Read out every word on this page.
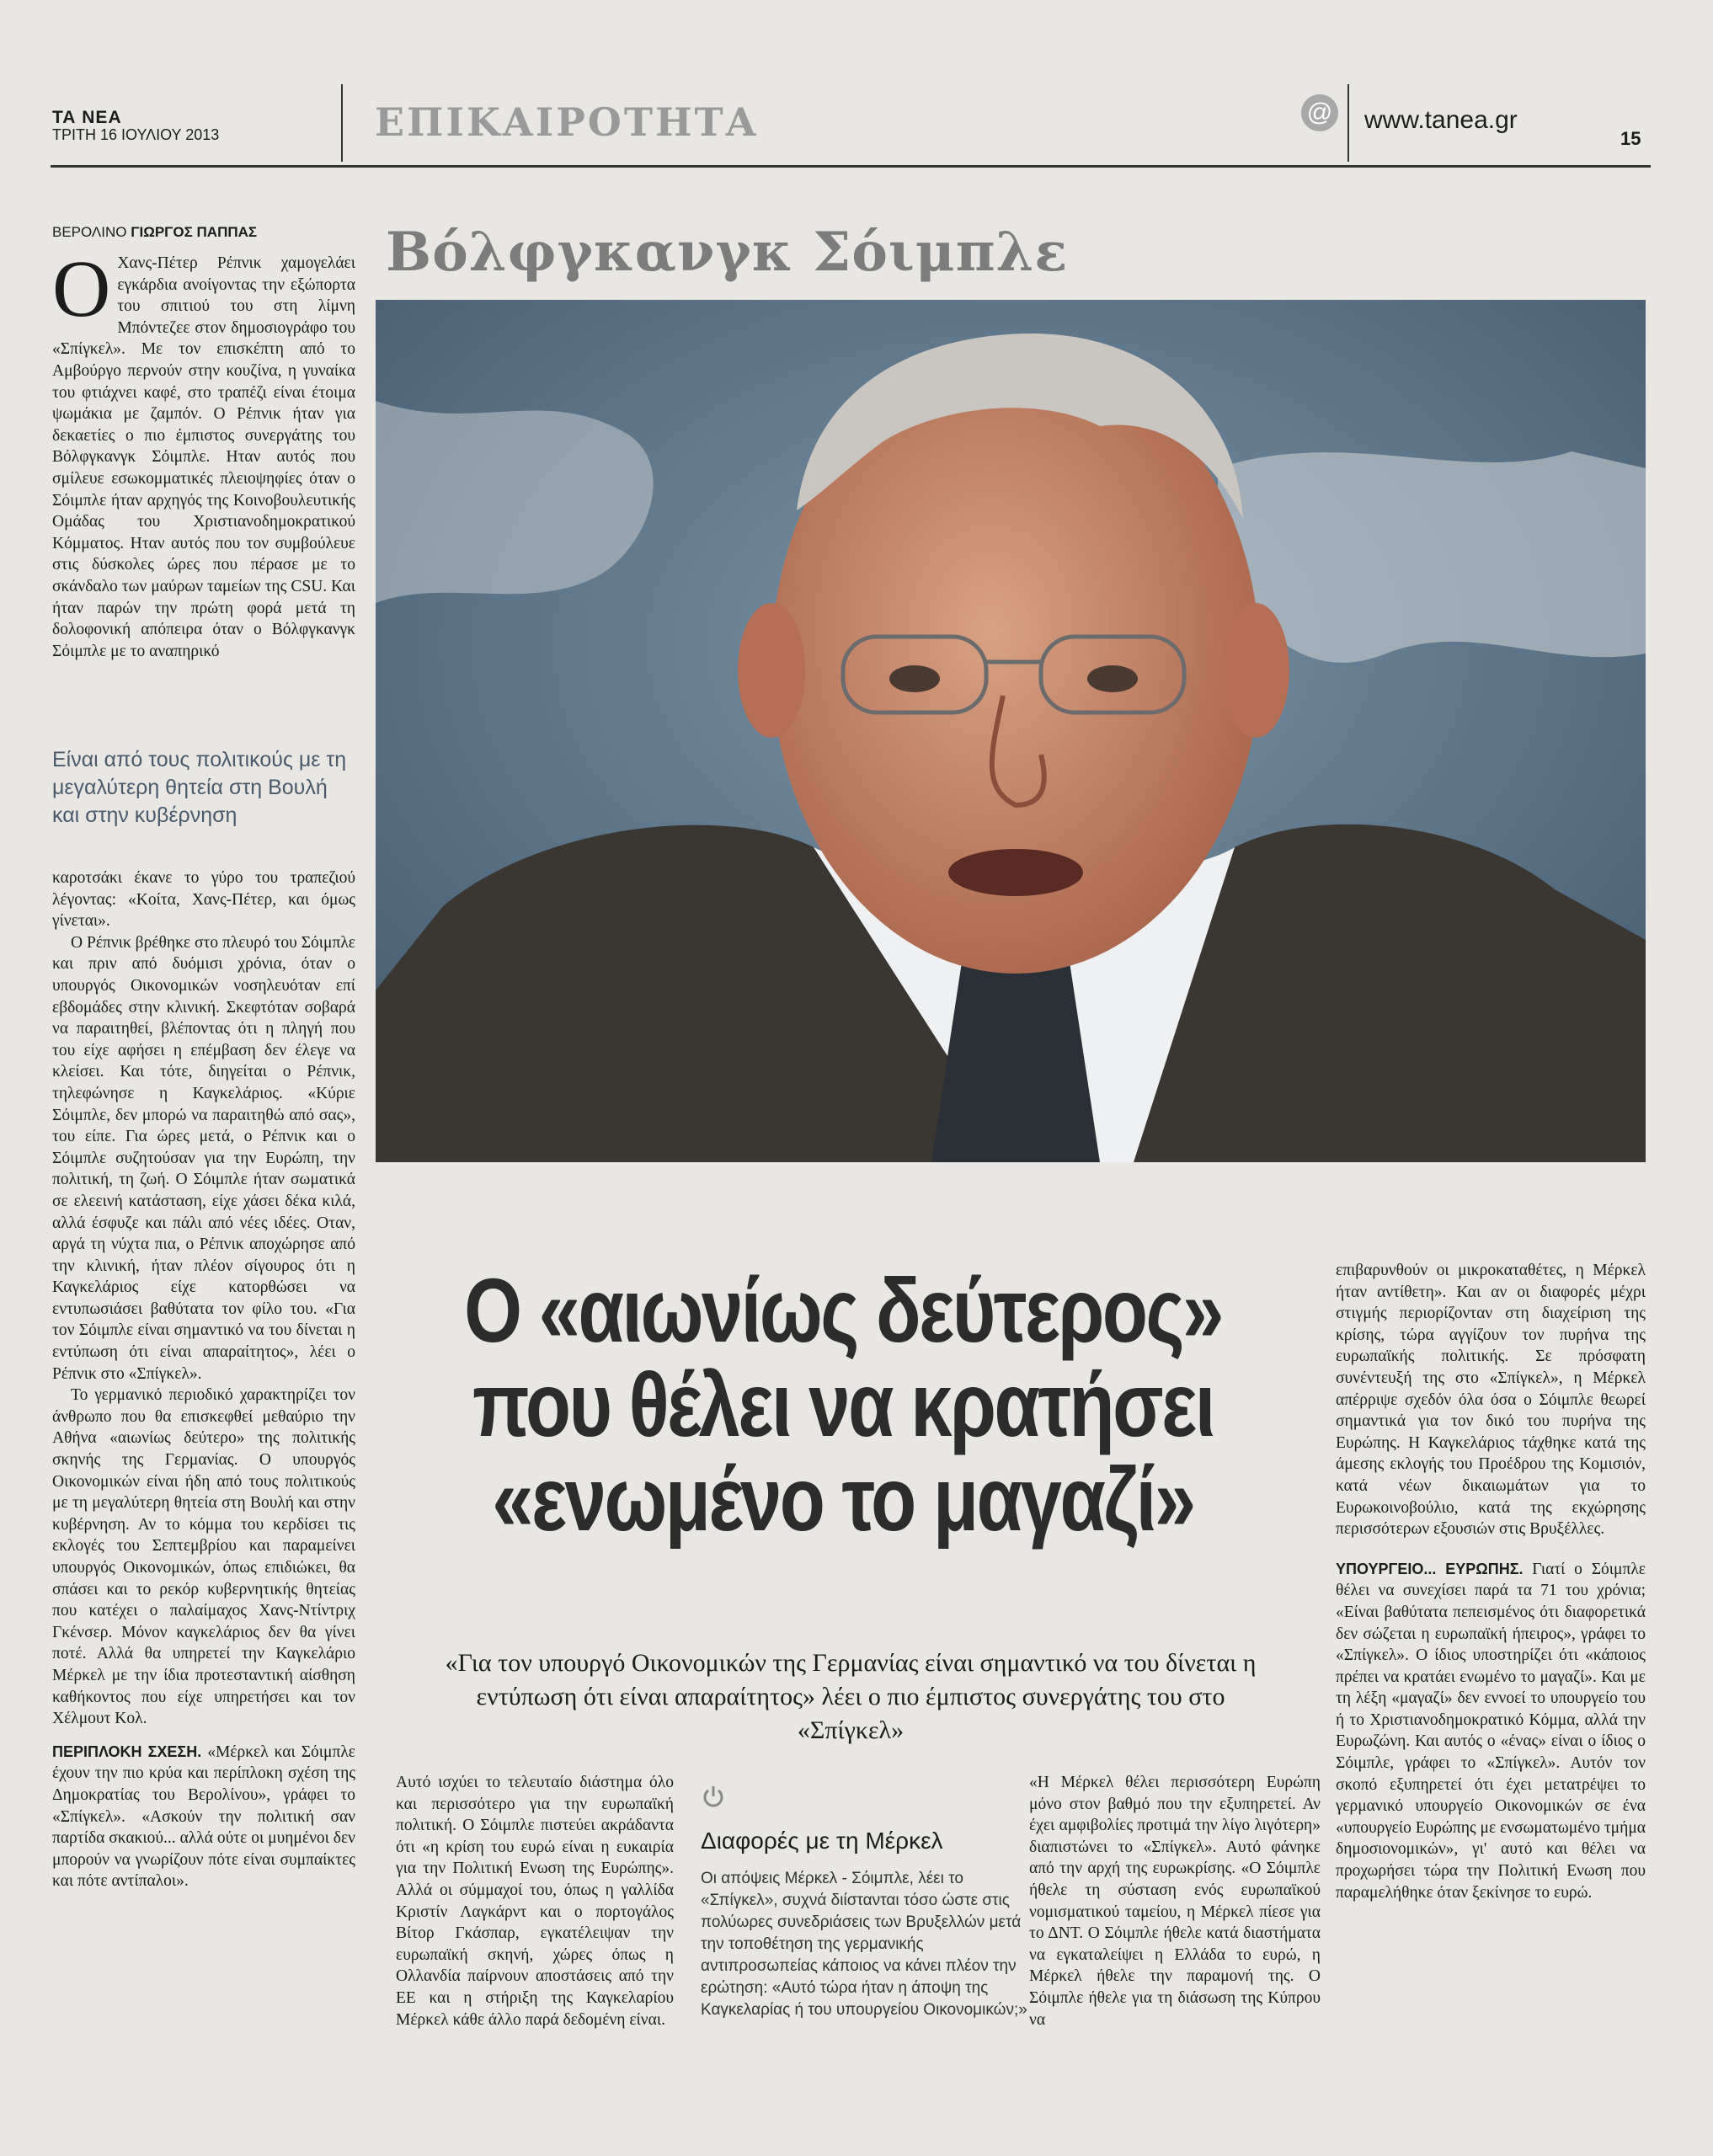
ΤΑ ΝΕΑ
ΤΡΙΤΗ 16 ΙΟΥΛΙΟΥ 2013	ΕΠΙΚΑΙΡΟΤΗΤΑ	@ www.tanea.gr
15
ΒΕΡΟΛΙΝΟ ΓΙΩΡΓΟΣ ΠΑΠΠΑΣ
Ο Χανς-Πέτερ Ρέπνικ χαμογελάει εγκάρδια ανοίγοντας την εξώπορτα του σπιτιού του στη λίμνη Μπόντεζεε στον δημοσιογράφο του «Σπίγκελ». Με τον επισκέπτη από το Αμβούργο περνούν στην κουζίνα, η γυναίκα του φτιάχνει καφέ, στο τραπέζι είναι έτοιμα ψωμάκια με ζαμπόν. Ο Ρέπνικ ήταν για δεκαετίες ο πιο έμπιστος συνεργάτης του Βόλφγκανγκ Σόιμπλε. Ηταν αυτός που σμίλευε εσωκομματικές πλειοψηφίες όταν ο Σόιμπλε ήταν αρχηγός της Κοινοβουλευτικής Ομάδας του Χριστιανοδημοκρατικού Κόμματος. Ηταν αυτός που τον συμβούλευε στις δύσκολες ώρες που πέρασε με το σκάνδαλο των μαύρων ταμείων της CSU. Και ήταν παρών την πρώτη φορά μετά τη δολοφονική απόπειρα όταν ο Βόλφγκανγκ Σόιμπλε με το αναπηρικό
Είναι από τους πολιτικούς με τη μεγαλύτερη θητεία στη Βουλή και στην κυβέρνηση
καροτσάκι έκανε το γύρο του τραπεζιού λέγοντας: «Κοίτα, Χανς-Πέτερ, και όμως γίνεται».
Ο Ρέπνικ βρέθηκε στο πλευρό του Σόιμπλε και πριν από δυόμισι χρόνια, όταν ο υπουργός Οικονομικών νοσηλευόταν επί εβδομάδες στην κλινική. Σκεφτόταν σοβαρά να παραιτηθεί, βλέποντας ότι η πληγή που του είχε αφήσει η επέμβαση δεν έλεγε να κλείσει. Και τότε, διηγείται ο Ρέπνικ, τηλεφώνησε η Καγκελάριος. «Κύριε Σόιμπλε, δεν μπορώ να παραιτηθώ από σας», του είπε. Για ώρες μετά, ο Ρέπνικ και ο Σόιμπλε συζητούσαν για την Ευρώπη, την πολιτική, τη ζωή. Ο Σόιμπλε ήταν σωματικά σε ελεεινή κατάσταση, είχε χάσει δέκα κιλά, αλλά έσφυζε και πάλι από νέες ιδέες. Οταν, αργά τη νύχτα πια, ο Ρέπνικ αποχώρησε από την κλινική, ήταν πλέον σίγουρος ότι η Καγκελάριος είχε κατορθώσει να εντυπωσιάσει βαθύτατα τον φίλο του. «Για τον Σόιμπλε είναι σημαντικό να του δίνεται η εντύπωση ότι είναι απαραίτητος», λέει ο Ρέπνικ στο «Σπίγκελ».
Το γερμανικό περιοδικό χαρακτηρίζει τον άνθρωπο που θα επισκεφθεί μεθαύριο την Αθήνα «αιωνίως δεύτερο» της πολιτικής σκηνής της Γερμανίας. Ο υπουργός Οικονομικών είναι ήδη από τους πολιτικούς με τη μεγαλύτερη θητεία στη Βουλή και στην κυβέρνηση. Αν το κόμμα του κερδίσει τις εκλογές του Σεπτεμβρίου και παραμείνει υπουργός Οικονομικών, όπως επιδιώκει, θα σπάσει και το ρεκόρ κυβερνητικής θητείας που κατέχει ο παλαίμαχος Χανς-Ντίντριχ Γκένσερ. Μόνον καγκελάριος δεν θα γίνει ποτέ. Αλλά θα υπηρετεί την Καγκελάριο Μέρκελ με την ίδια προτεσταντική αίσθηση καθήκοντος που είχε υπηρετήσει και τον Χέλμουτ Κολ.
ΠΕΡΙΠΛΟΚΗ ΣΧΕΣΗ. «Μέρκελ και Σόιμπλε έχουν την πιο κρύα και περίπλοκη σχέση της Δημοκρατίας του Βερολίνου», γράφει το «Σπίγκελ». «Ασκούν την πολιτική σαν παρτίδα σκακιού... αλλά ούτε οι μυημένοι δεν μπορούν να γνωρίζουν πότε είναι συμπαίκτες και πότε αντίπαλοι».
Βόλφγκανγκ Σόιμπλε
Ο «αιωνίως δεύτερος»
που θέλει να κρατήσει
«ενωμένο το μαγαζί»
«Για τον υπουργό Οικονομικών της Γερμανίας είναι σημαντικό να του δίνεται η εντύπωση ότι είναι απαραίτητος» λέει ο πιο έμπιστος συνεργάτης του στο «Σπίγκελ»
Αυτό ισχύει το τελευταίο διάστημα όλο και περισσότερο για την ευρωπαϊκή πολιτική. Ο Σόιμπλε πιστεύει ακράδαντα ότι «η κρίση του ευρώ είναι η ευκαιρία για την Πολιτική Ενωση της Ευρώπης». Αλλά οι σύμμαχοί του, όπως η γαλλίδα Κριστίν Λαγκάρντ και ο πορτογάλος Βίτορ Γκάσπαρ, εγκατέλειψαν την ευρωπαϊκή σκηνή, χώρες όπως η Ολλανδία παίρνουν αποστάσεις από την ΕΕ και η στήριξη της Καγκελαρίου Μέρκελ κάθε άλλο παρά δεδομένη είναι.
Διαφορές με τη Μέρκελ
Οι απόψεις Μέρκελ - Σόιμπλε, λέει το «Σπίγκελ», συχνά διίστανται τόσο ώστε στις πολύωρες συνεδριάσεις των Βρυξελλών μετά την τοποθέτηση της γερμανικής αντιπροσωπείας κάποιος να κάνει πλέον την ερώτηση: «Αυτό τώρα ήταν η άποψη της Καγκελαρίας ή του υπουργείου Οικονομικών;»
«Η Μέρκελ θέλει περισσότερη Ευρώπη μόνο στον βαθμό που την εξυπηρετεί. Αν έχει αμφιβολίες προτιμά την λίγο λιγότερη» διαπιστώνει το «Σπίγκελ». Αυτό φάνηκε από την αρχή της ευρωκρίσης. «Ο Σόιμπλε ήθελε τη σύσταση ενός ευρωπαϊκού νομισματικού ταμείου, η Μέρκελ πίεσε για το ΔΝΤ. Ο Σόιμπλε ήθελε κατά διαστήματα να εγκαταλείψει η Ελλάδα το ευρώ, η Μέρκελ ήθελε την παραμονή της. Ο Σόιμπλε ήθελε για τη διάσωση της Κύπρου να
επιβαρυνθούν οι μικροκαταθέτες, η Μέρκελ ήταν αντίθετη». Και αν οι διαφορές μέχρι στιγμής περιορίζονταν στη διαχείριση της κρίσης, τώρα αγγίζουν τον πυρήνα της ευρωπαϊκής πολιτικής. Σε πρόσφατη συνέντευξή της στο «Σπίγκελ», η Μέρκελ απέρριψε σχεδόν όλα όσα ο Σόιμπλε θεωρεί σημαντικά για τον δικό του πυρήνα της Ευρώπης. Η Καγκελάριος τάχθηκε κατά της άμεσης εκλογής του Προέδρου της Κομισιόν, κατά νέων δικαιωμάτων για το Ευρωκοινοβούλιο, κατά της εκχώρησης περισσότερων εξουσιών στις Βρυξέλλες.
ΥΠΟΥΡΓΕΙΟ... ΕΥΡΩΠΗΣ. Γιατί ο Σόιμπλε θέλει να συνεχίσει παρά τα 71 του χρόνια; «Είναι βαθύτατα πεπεισμένος ότι διαφορετικά δεν σώζεται η ευρωπαϊκή ήπειρος», γράφει το «Σπίγκελ». Ο ίδιος υποστηρίζει ότι «κάποιος πρέπει να κρατάει ενωμένο το μαγαζί». Και με τη λέξη «μαγαζί» δεν εννοεί το υπουργείο του ή το Χριστιανοδημοκρατικό Κόμμα, αλλά την Ευρωζώνη. Και αυτός ο «ένας» είναι ο ίδιος ο Σόιμπλε, γράφει το «Σπίγκελ». Αυτόν τον σκοπό εξυπηρετεί ότι έχει μετατρέψει το γερμανικό υπουργείο Οικονομικών σε ένα «υπουργείο Ευρώπης με ενσωματωμένο τμήμα δημοσιονομικών», γι' αυτό και θέλει να προχωρήσει τώρα την Πολιτική Ενωση που παραμελήθηκε όταν ξεκίνησε το ευρώ.
